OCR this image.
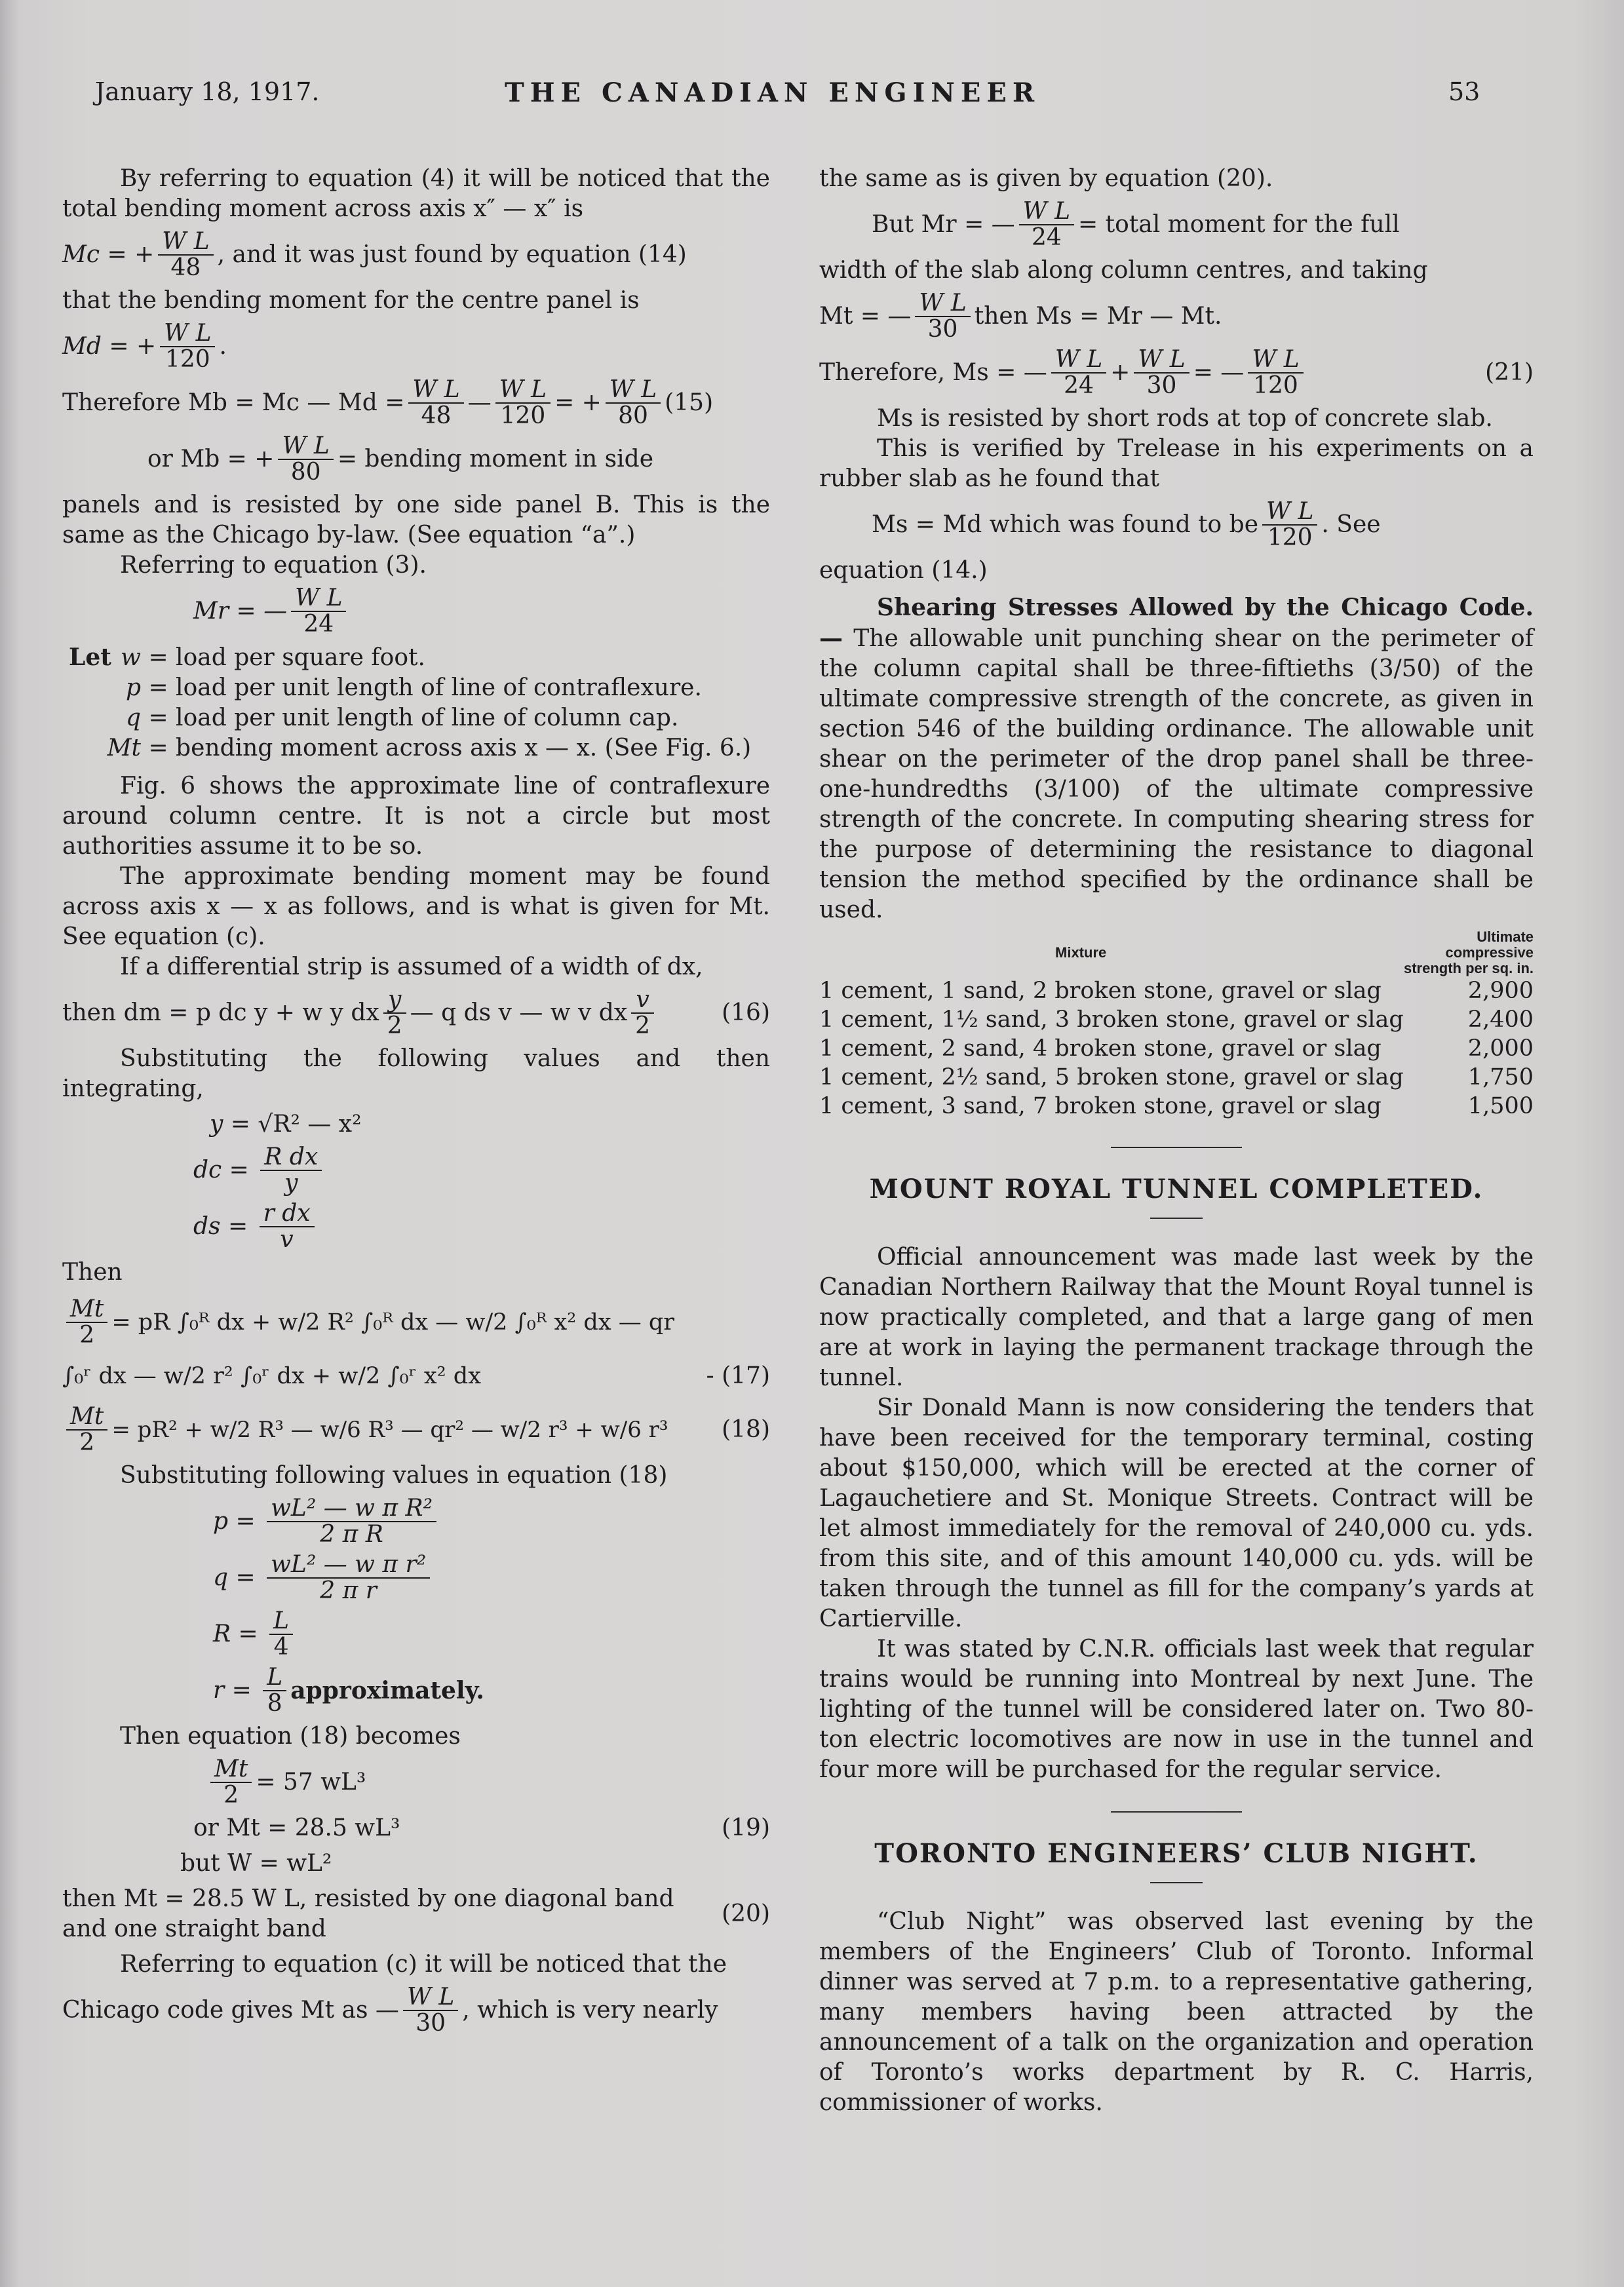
January 18, 1917.	THE CANADIAN ENGINEER	53

By referring to equation (4) it will be noticed that the total bending moment across axis x″ — x″ is

Mc = + $\frac{\text{W L}}{48}$ , and it was just found by equation (14)

that the bending moment for the centre panel is

Md = + $\frac{\text{W L}}{120}$ .
Therefore Mb = Mc — $Md = \frac{\text{W L}}{48}$ — $\frac{\text{W L}}{120}$ = + $\frac{\text{W L}}{80} (15)$
or Mb = + $\frac{\text{W L}}{80}$ = bending moment in side

panels and is resisted by one side panel B. This is the same as the Chicago by-law. (See equation “a”.)

Referring to equation (3).

Mr = — $\frac{\text{W L}}{24}$
Let w = load per square foot.
p = load per unit length of line of contraflexure.
q = load per unit length of line of column cap.
Mt = bending moment across axis x — x. (See Fig. 6.)

Fig. 6 shows the approximate line of contraflexure around column centre. It is not a circle but most authorities assume it to be so.

The approximate bending moment may be found across axis x — x as follows, and is what is given for Mt. See equation (c).

If a differential strip is assumed of a width of dx,

then dm = p dc y + w y dx $\frac{y}{2}$ — q ds v — w v dx $\frac{v}{2}$	(16)

Substituting the following values and then integrating,

y
= √R² — x²
dc = $\frac{\text{R dx}}{y}$
ds = $\frac{\text{r dx}}{v}$

Then

$\frac{Mt}{2}$ = pR ∫₀ᴿ dx + w/2 R² ∫₀ᴿ dx — w/2 ∫₀ᴿ x² dx — qr
∫₀ʳ dx — w/2 r² ∫₀ʳ dx + w/2 ∫₀ʳ x² dx	- (17)
$\frac{Mt}{2} = pR^2 + w/2$ R³ — w/6 R³ — qr² — w/2 r³ + w/6 r³ (18)

Substituting following values in equation (18)

$p = \frac{\text{wL² — w π R²}}{\text{2 π R}}$
$q = \frac{\text{wL² — w π r²}}{\text{2 π r}}$
$R = \frac{L}{4}$
$r = \frac{L}{8}$ approximately.

Then equation (18) becomes

$\frac{Mt}{2} = 57$ wL³
or Mt = 28.5 wL³	(19)

but W = wL²

then Mt = 28.5 W L, resisted by one diagonal band and one straight band
(20)

Referring to equation (c) it will be noticed that the

Chicago code gives Mt as — $\frac{\text{W L}}{30}$ , which is very nearly

the same as is given by equation (20).

But Mr = — $\frac{\text{W L}}{24}$ = total moment for the full

width of the slab along column centres, and taking

Mt = — $\frac{\text{W L}}{30}$ then Ms = Mr — Mt.
Therefore, Ms = — $\frac{\text{W L}}{24} + \frac{\text{W L}}{30}$ = — $\frac{\text{W L}}{120}$	(21)

Ms is resisted by short rods at top of concrete slab.

This is verified by Trelease in his experiments on a rubber slab as he found that

Ms = Md which was found to be $\frac{\text{W L}}{120}$ . See

equation (14.)

Shearing Stresses Allowed by the Chicago Code.— The allowable unit punching shear on the perimeter of the column capital shall be three-fiftieths (3/50) of the ultimate compressive strength of the concrete, as given in section 546 of the building ordinance. The allowable unit shear on the perimeter of the drop panel shall be three-one-hundredths (3/100) of the ultimate compressive strength of the concrete. In computing shearing stress for the purpose of determining the resistance to diagonal tension the method specified by the ordinance shall be used.

Mixture	Ultimate compressive strength per sq. in.
1 cement, 1 sand, 2 broken stone, gravel or slag	2,900
1 cement, 1½ sand, 3 broken stone, gravel or slag	2,400
1 cement, 2 sand, 4 broken stone, gravel or slag	2,000
1 cement, 2½ sand, 5 broken stone, gravel or slag	1,750
1 cement, 3 sand, 7 broken stone, gravel or slag	1,500
MOUNT ROYAL TUNNEL COMPLETED.

Official announcement was made last week by the Canadian Northern Railway that the Mount Royal tunnel is now practically completed, and that a large gang of men are at work in laying the permanent trackage through the tunnel.

Sir Donald Mann is now considering the tenders that have been received for the temporary terminal, costing about $150,000, which will be erected at the corner of Lagauchetiere and St. Monique Streets. Contract will be let almost immediately for the removal of 240,000 cu. yds. from this site, and of this amount 140,000 cu. yds. will be taken through the tunnel as fill for the company’s yards at Cartierville.

It was stated by C.N.R. officials last week that regular trains would be running into Montreal by next June. The lighting of the tunnel will be considered later on. Two 80-ton electric locomotives are now in use in the tunnel and four more will be purchased for the regular service.

TORONTO ENGINEERS’ CLUB NIGHT.

“Club Night” was observed last evening by the members of the Engineers’ Club of Toronto. Informal dinner was served at 7 p.m. to a representative gathering, many members having been attracted by the announcement of a talk on the organization and operation of Toronto’s works department by R. C. Harris, commissioner of works.
